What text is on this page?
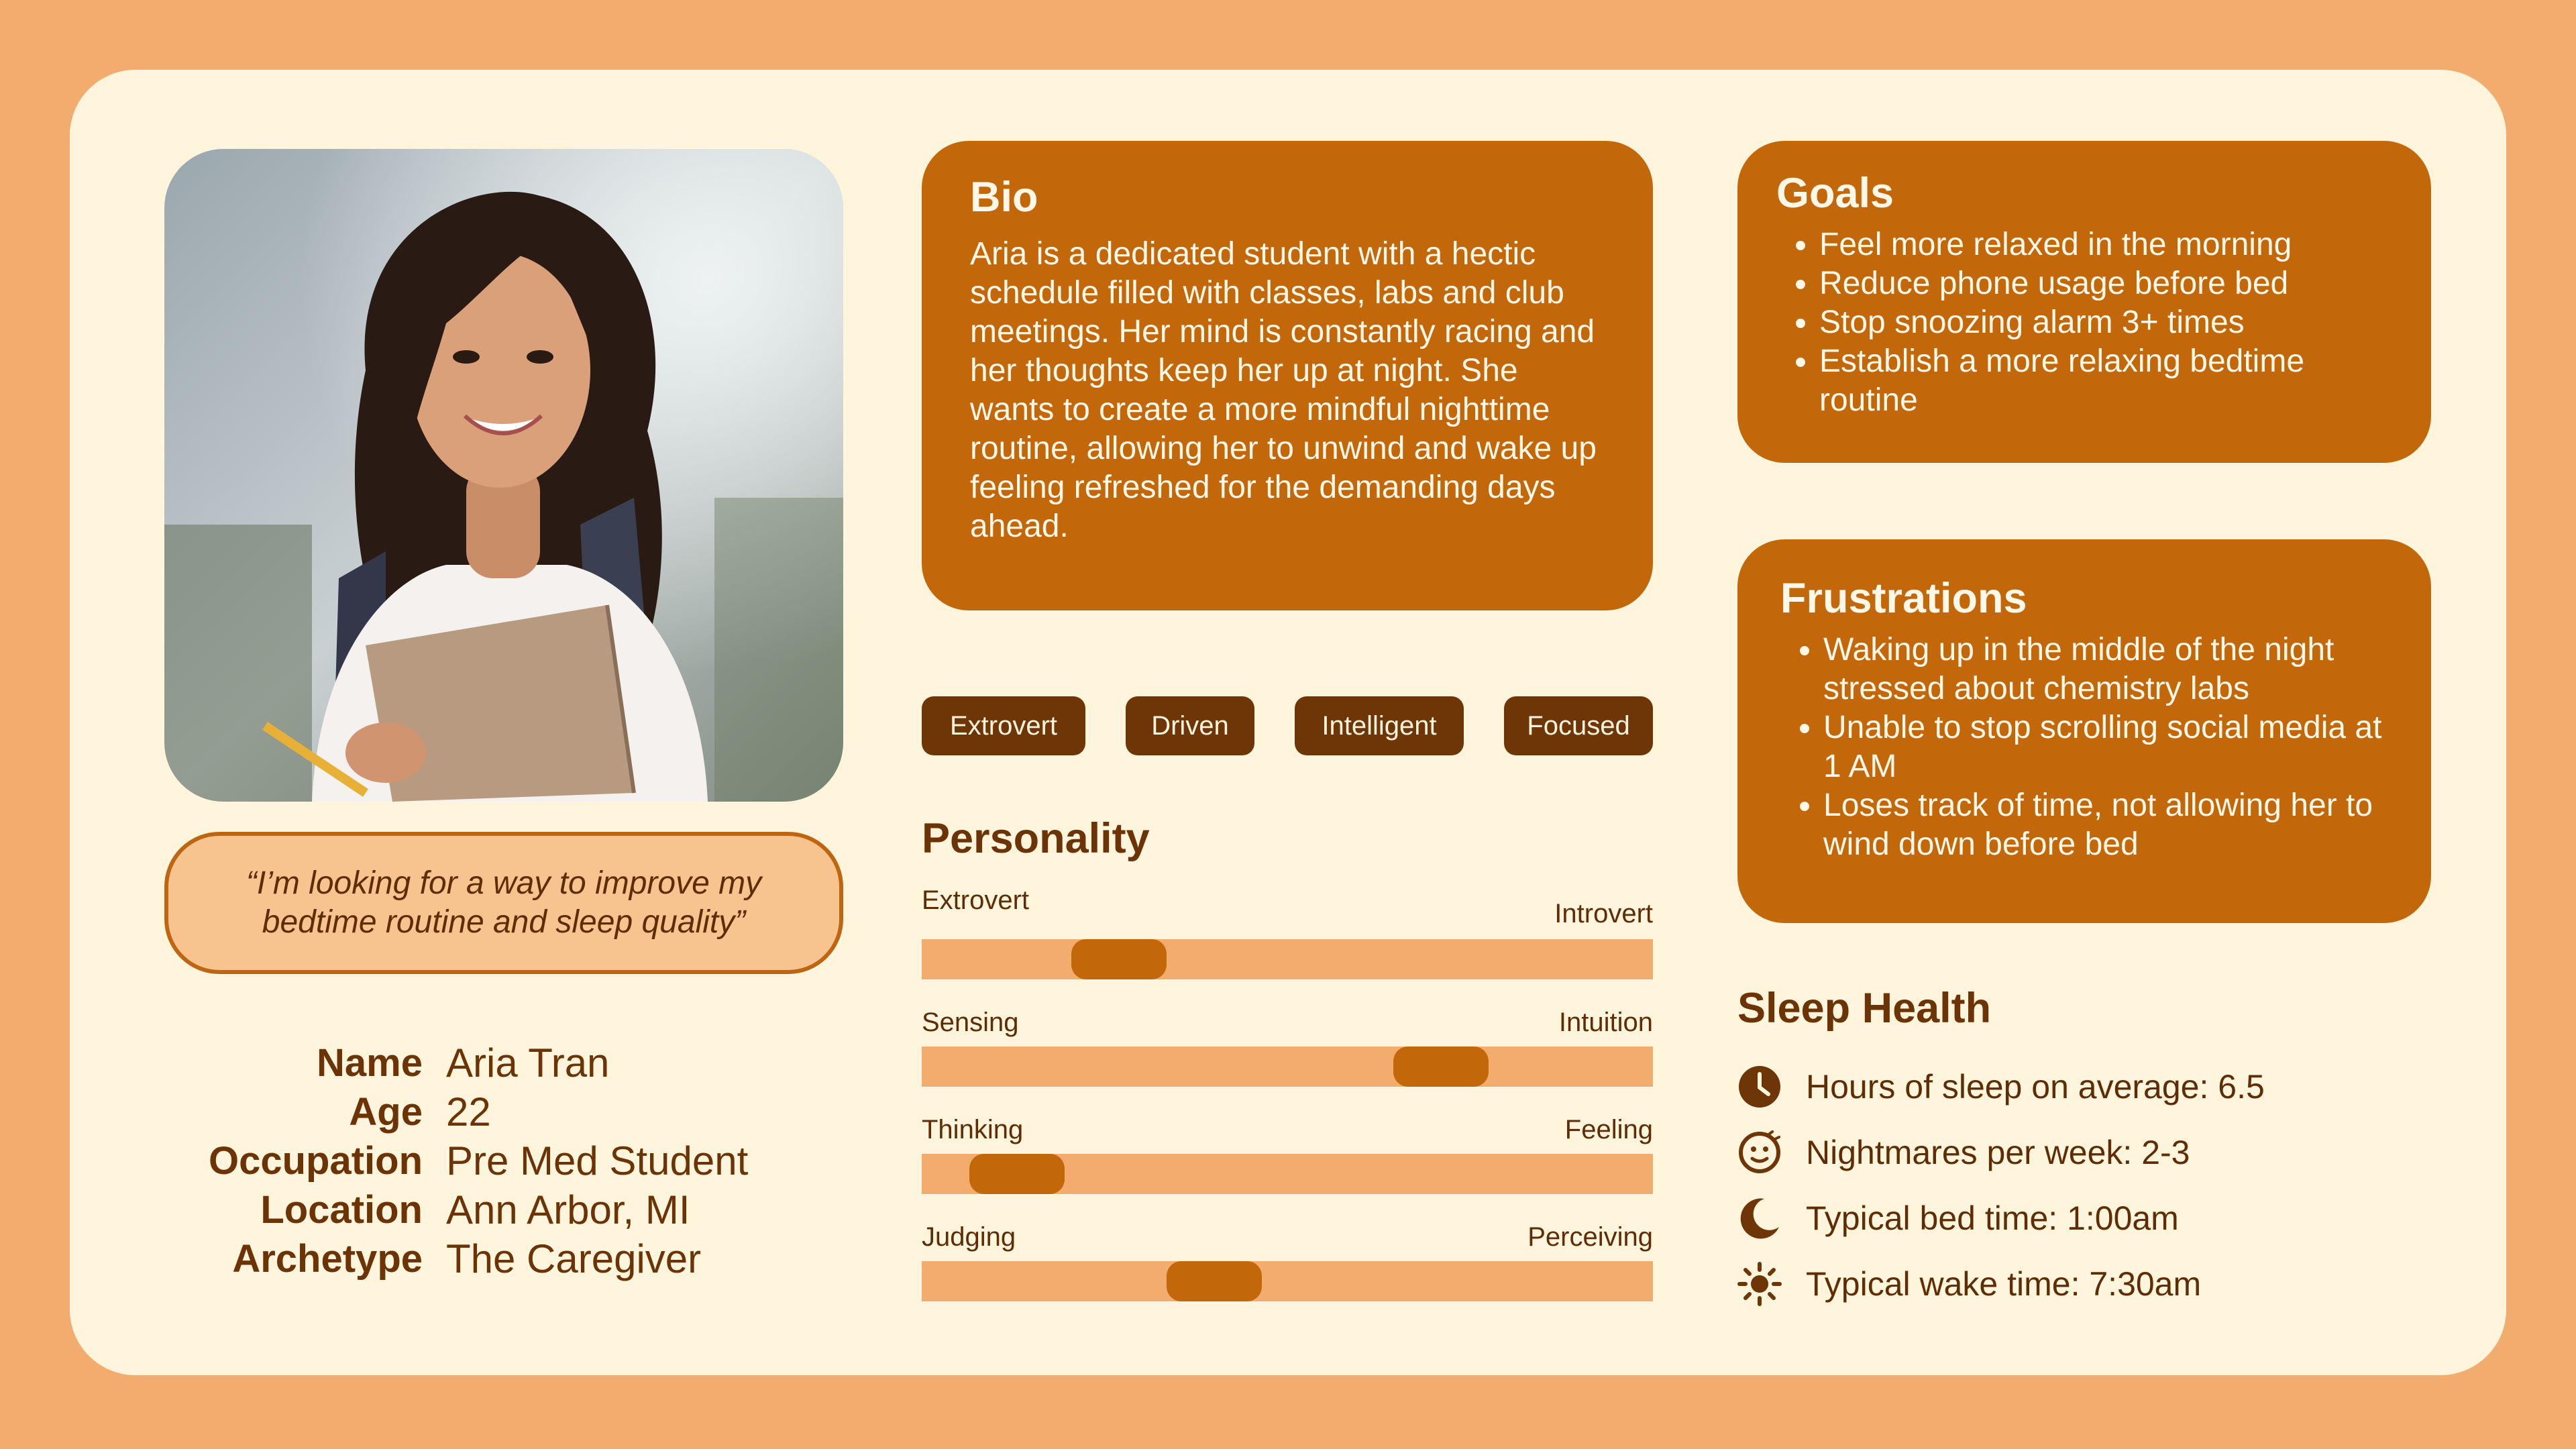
“I’m looking for a way to improve my bedtime routine and sleep quality”
Name Aria Tran
Age 22
Occupation Pre Med Student
Location Ann Arbor, MI
Archetype The Caregiver
Bio

Aria is a dedicated student with a hectic schedule filled with classes, labs and club meetings. Her mind is constantly racing and her thoughts keep her up at night. She wants to create a more mindful nighttime routine, allowing her to unwind and wake up feeling refreshed for the demanding days ahead.

Extrovert	Driven	Intelligent	Focused
Personality
Extrovert	Introvert
Sensing	Intuition
Thinking	Feeling
Judging	Perceiving
Goals
• Feel more relaxed in the morning
• Reduce phone usage before bed
• Stop snoozing alarm 3+ times
• Establish a more relaxing bedtime routine
Frustrations
• Waking up in the middle of the night stressed about chemistry labs
• Unable to stop scrolling social media at 1 AM
• Loses track of time, not allowing her to wind down before bed
Sleep Health
Hours of sleep on average: 6.5
Nightmares per week: 2-3
Typical bed time: 1:00am
Typical wake time: 7:30am
